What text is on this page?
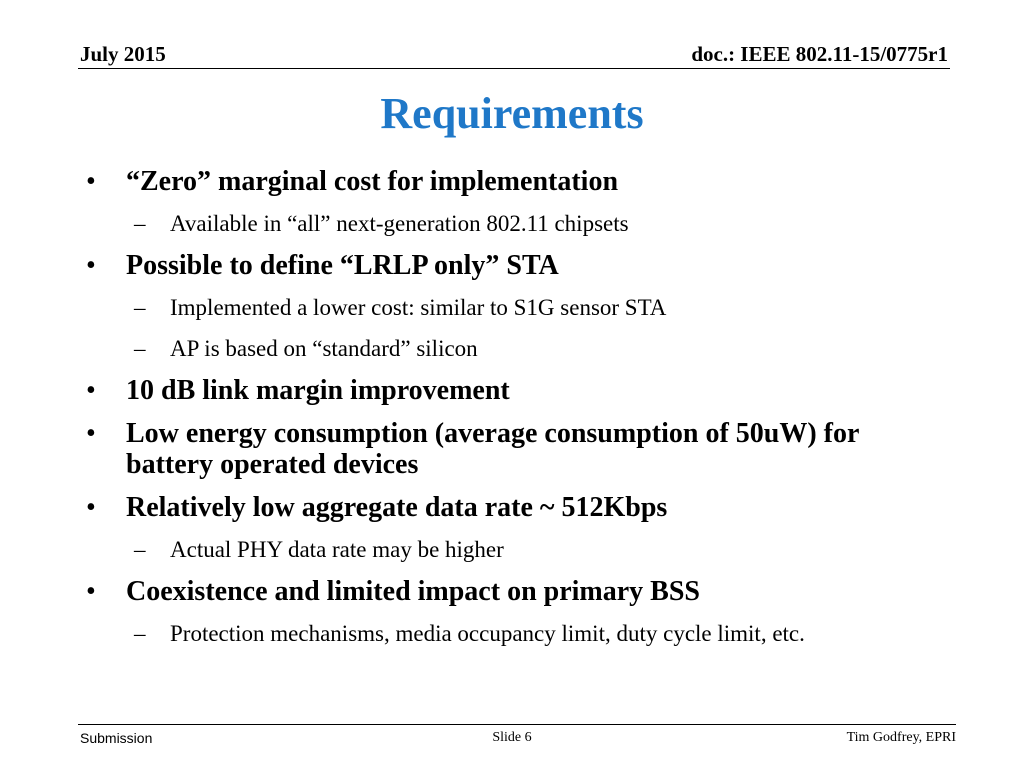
July 2015	doc.: IEEE 802.11-15/0775r1
Requirements
• “Zero” marginal cost for implementation
– Available in “all” next-generation 802.11 chipsets
• Possible to define “LRLP only” STA
– Implemented a lower cost: similar to S1G sensor STA
– AP is based on “standard” silicon
• 10 dB link margin improvement
• Low energy consumption (average consumption of 50uW) for battery operated devices
• Relatively low aggregate data rate ~ 512Kbps
– Actual PHY data rate may be higher
• Coexistence and limited impact on primary BSS
– Protection mechanisms, media occupancy limit, duty cycle limit, etc.
Submission	Slide 6	Tim Godfrey, EPRI
